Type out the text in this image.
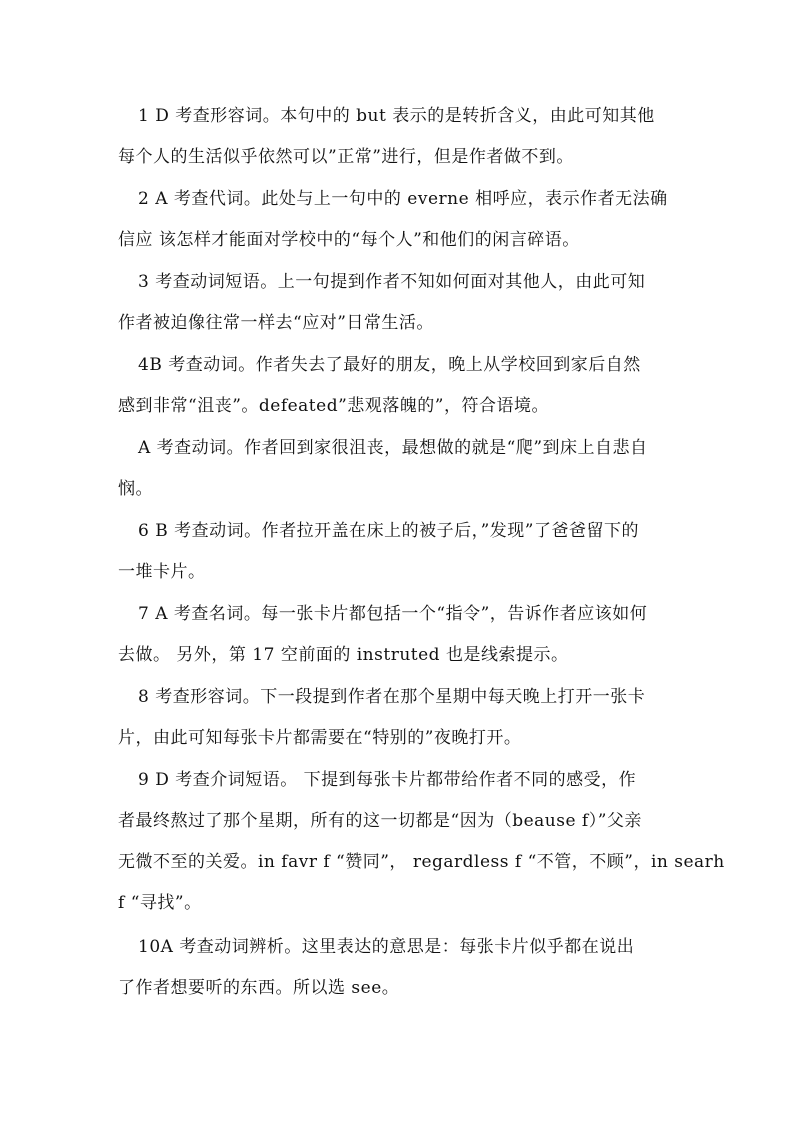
1 D 考查形容词。本句中的 but 表示的是转折含义，由此可知其他
每个人的生活似乎依然可以”正常”进行，但是作者做不到。
2 A 考查代词。此处与上一句中的 everne 相呼应，表示作者无法确
信应 该怎样才能面对学校中的“每个人”和他们的闲言碎语。
3 考查动词短语。上一句提到作者不知如何面对其他人，由此可知
作者被迫像往常一样去“应对”日常生活。
4B 考查动词。作者失去了最好的朋友，晚上从学校回到家后自然
感到非常“沮丧”。defeated”悲观落魄的”，符合语境。
A 考查动词。作者回到家很沮丧，最想做的就是“爬”到床上自悲自
悯。
6 B 考查动词。作者拉开盖在床上的被子后，”发现”了爸爸留下的
一堆卡片。
7 A 考查名词。每一张卡片都包括一个“指令”，告诉作者应该如何
去做。 另外，第 17 空前面的 instruted 也是线索提示。
8 考查形容词。下一段提到作者在那个星期中每天晚上打开一张卡
片，由此可知每张卡片都需要在“特别的”夜晚打开。
9 D 考查介词短语。 下提到每张卡片都带给作者不同的感受，作
者最终熬过了那个星期，所有的这一切都是“因为（beause f）”父亲
无微不至的关爱。in favr f “赞同”， regardless f “不管，不顾”，in searh
f “寻找”。
10A 考查动词辨析。这里表达的意思是：每张卡片似乎都在说出
了作者想要听的东西。所以选 see。
